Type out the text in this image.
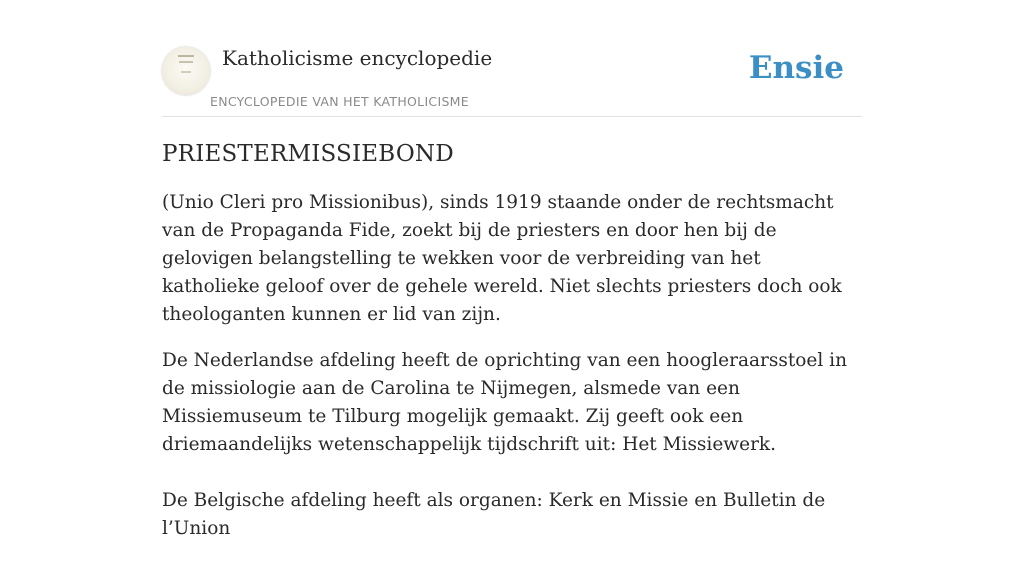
Katholicisme encyclopedie
ENCYCLOPEDIE VAN HET KATHOLICISME
Ensie
PRIESTERMISSIEBOND

(Unio Cleri pro Missionibus), sinds 1919 staande onder de rechtsmacht van de Propaganda Fide, zoekt bij de priesters en door hen bij de gelovigen belangstelling te wekken voor de verbreiding van het katholieke geloof over de gehele wereld. Niet slechts priesters doch ook theologanten kunnen er lid van zijn.

De Nederlandse afdeling heeft de oprichting van een hoogleraarsstoel in de missiologie aan de Carolina te Nijmegen, alsmede van een Missiemuseum te Tilburg mogelijk gemaakt. Zij geeft ook een driemaandelijks wetenschappelijk tijdschrift uit: Het Missiewerk.

De Belgische afdeling heeft als organen: Kerk en Missie en Bulletin de l’Union
